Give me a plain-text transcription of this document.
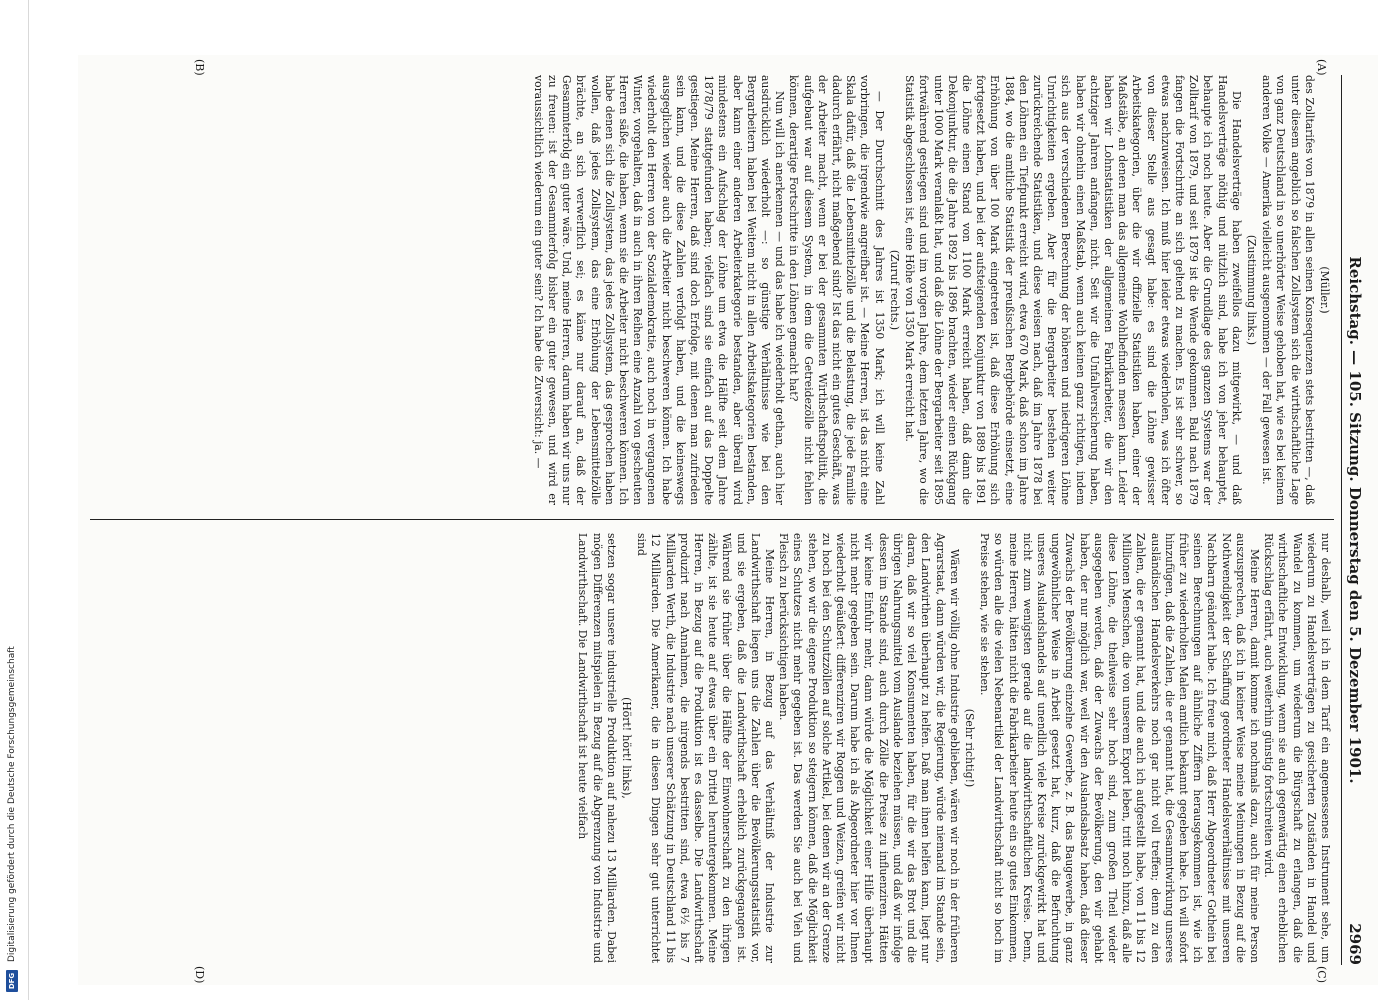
DFG
Digitalisierung gefördert durch die Deutsche Forschungsgemeinschaft
Reichstag. — 105. Sitzung. Donnerstag den 5. Dezember 1901.
2969
(A)
(B)
(C)
(D)
(Müller.)

des Zolltarifes von 1879 in allen seinen Konsequenzen stets bestritten —, daß unter diesem angeblich so falschen Zollsystem sich die wirthschaftliche Lage von ganz Deutschland in so unerhörter Weise gehoben hat, wie es bei keinem anderen Volke — Amerika vielleicht ausgenommen — der Fall gewesen ist.

(Zustimmung links.)

Die Handelsverträge haben zweifellos dazu mitgewirkt, — und daß Handelsverträge nöthig und nützlich sind, habe ich von jeher behauptet, behaupte ich noch heute. Aber die Grundlage des ganzen Systems war der Zolltarif von 1879, und seit 1879 ist die Wende gekommen. Bald nach 1879 fangen die Fortschritte an sich geltend zu machen. Es ist sehr schwer, so etwas nachzuweisen. Ich muß hier leider etwas wiederholen, was ich öfter von dieser Stelle aus gesagt habe: es sind die Löhne gewisser Arbeitskategorien, über die wir offizielle Statistiken haben, einer der Maßstäbe, an denen man das allgemeine Wohlbefinden messen kann. Leider haben wir Lohnstatistiken der allgemeinen Fabrikarbeiter, die wir den achtziger Jahren anfangen, nicht. Seit wir die Unfallversicherung haben, haben wir ohnehin einen Maßstab, wenn auch keinen ganz richtigen, indem sich aus der verschiedenen Berechnung der höheren und niedrigeren Löhne Unrichtigkeiten ergeben. Aber für die Bergarbeiter bestehen weiter zurückreichende Statistiken, und diese weisen nach, daß im Jahre 1878 bei den Löhnen ein Tiefpunkt erreicht wird, etwa 670 Mark, daß schon im Jahre 1884, wo die amtliche Statistik der preußischen Bergbehörde einsetzt, eine Erhöhung von über 100 Mark eingetreten ist, daß diese Erhöhung sich fortgesetzt haben, und bei der aufsteigenden Konjunktur von 1889 bis 1891 die Löhne einen Stand von 1100 Mark erreicht haben, daß dann die Dekonjunktur, die die Jahre 1892 bis 1896 brachten, wieder einen Rückgang unter 1000 Mark veranlaßt hat, und daß die Löhne der Bergarbeiter seit 1895 fortwährend gestiegen sind und im vorigen Jahre, dem letzten Jahre, wo die Statistik abgeschlossen ist, eine Höhe von 1350 Mark erreicht hat.

(Zuruf rechts.)

— Der Durchschnitt des Jahres ist 1350 Mark; ich will keine Zahl vorbringen, die irgendwie angreifbar ist. — Meine Herren, ist das nicht eine Skala dafür, daß die Lebensmittelzölle und die Belastung, die jede Familie dadurch erfährt, nicht maßgebend sind? Ist das nicht ein gutes Geschäft, was der Arbeiter macht, wenn er bei der gesammten Wirthschaftspolitik, die aufgebaut war auf diesem System, in dem die Getreidezölle nicht fehlen können, derartige Fortschritte in den Löhnen gemacht hat?

Nun will ich anerkennen — und das habe ich wiederholt gethan, auch hier ausdrücklich wiederholt —: so günstige Verhältnisse wie bei den Bergarbeitern haben bei Weitem nicht in allen Arbeitskategorien bestanden, aber kann einer anderen Arbeiterkategorie bestanden, aber überall wird mindestens ein Aufschlag der Löhne um etwa die Hälfte seit dem Jahre 1878/79 stattgefunden haben; vielfach sind sie einfach auf das Doppelte gestiegen. Meine Herren, daß sind doch Erfolge, mit denen man zufrieden sein kann, und die diese Zahlen verfolgt haben, und die keineswegs ausgeglichen wieder auch die Arbeiter nicht beschweren können. Ich habe wiederholt den Herren von der Sozialdemokratie, auch noch in vergangenen Winter, vorgehalten, daß in auch in ihren Reihen eine Anzahl von gescheuten Herren säße, die haben, wenn sie die Arbeiter nicht beschweren können. Ich habe denen sich die Zollsystem, das jedes Zollsystem, das gesprochen haben wollen, daß jedes Zollsystem, das eine Erhöhung der Lebensmittelzölle brächte, an sich verwerflich sei; es käme nur darauf an, daß der Gesammterfolg ein guter wäre. Und, meine Herren, darum haben wir uns nur zu freuen: ist der Gesammterfolg bisher ein guter gewesen, und wird er voraussichtlich wiederum ein guter sein? Ich habe die Zuversicht: ja. —

nur deshalb, weil ich in dem Tarif ein angemessenes Instrument sehe, um wiederum zu Handelsverträgen zu gesicherten Zuständen in Handel und Wandel zu kommen, um wiederum die Bürgschaft zu erlangen, daß die wirthschaftliche Entwicklung, wenn sie auch gegenwärtig einen erheblichen Rückschlag erfährt, auch weiterhin günstig fortschreiten wird.

Meine Herren, damit komme ich nochmals dazu, auch für meine Person auszusprechen, daß ich in keiner Weise meine Meinungen in Bezug auf die Nothwendigkeit der Schaffung geordneter Handelsverhältnisse mit unseren Nachbarn geändert habe. Ich freue mich, daß Herr Abgeordneter Gothein bei seinen Berechnungen auf ähnliche Ziffern herausgekommen ist, wie ich früher zu wiederholten Malen amtlich bekannt gegeben habe. Ich will sofort hinzufügen, daß die Zahlen, die er genannt hat, die Gesammtwirkung unseres ausländischen Handelsverkehrs noch gar nicht voll treffen; denn zu den Zahlen, die er genannt hat, und die auch ich aufgestellt habe, von 11 bis 12 Millionen Menschen, die von unserem Export leben, tritt noch hinzu, daß alle diese Löhne, die theilweise sehr hoch sind, zum großen Theil wieder ausgegeben werden, daß der Zuwachs der Bevölkerung, den wir gehabt haben, der nur möglich war, weil wir den Auslandsabsatz haben, daß dieser Zuwachs der Bevölkerung einzelne Gewerbe, z. B. das Baugewerbe, in ganz ungewöhnlicher Weise in Arbeit gesetzt hat, kurz, daß die Befruchtung unseres Auslandshandels auf unendlich viele Kreise zurückgewirkt hat und nicht zum wenigsten gerade auf die landwirthschaftlichen Kreise. Denn, meine Herren, hätten nicht die Fabrikarbeiter heute ein so gutes Einkommen, so würden alle die vielen Nebenartikel der Landwirthschaft nicht so hoch im Preise stehen, wie sie stehen.

(Sehr richtig!)

Wären wir völlig ohne Industrie geblieben, wären wir noch in der früheren Agrarstaat, dann würden wir, die Regierung, würde niemand im Stande sein, den Landwirthen überhaupt zu helfen. Daß man ihnen helfen kann, liegt nur daran, daß wir so viel Konsumenten haben, für die wir das Brot und die übrigen Nahrungsmittel vom Auslande beziehen müssen, und daß wir infolge dessen im Stande sind, auch durch Zölle die Preise zu influenziren. Hätten wir keine Einfuhr mehr, dann würde die Möglichkeit einer Hilfe überhaupt nicht mehr gegeben sein. Darum habe ich als Abgeordneter hier vor Ihnen wiederholt geäußert: differenziren wir Roggen und Weizen, greifen wir nicht zu hoch bei den Schutzzöllen auf solche Artikel, bei denen wir an der Grenze stehen, wo wir die eigene Produktion so steigern können, daß die Möglichkeit eines Schutzes nicht mehr gegeben ist. Das werden Sie auch bei Vieh und Fleisch zu berücksichtigen haben.

Meine Herren, in Bezug auf das Verhältniß der Industrie zur Landwirthschaft liegen uns die Zahlen über die Bevölkerungsstatistik vor, und sie ergeben, daß die Landwirthschaft erheblich zurückgegangen ist. Während sie früher über die Hälfte der Einwohnerschaft zu den ihrigen zählte, ist sie heute auf etwas über ein Drittel heruntergekommen. Meine Herren, in Bezug auf die Produktion ist es dasselbe. Die Landwirthschaft produzirt nach Annahmen, die nirgends bestritten sind, etwa 6½ bis 7 Milliarden Werth, die Industrie nach unserer Schätzung in Deutschland 11 bis 12 Milliarden. Die Amerikaner, die in diesen Dingen sehr gut unterrichtet sind

(Hört! hört! links),

setzen sogar unsere industrielle Produktion auf nahezu 13 Milliarden. Dabei mögen Differenzen mitspielen in Bezug auf die Abgrenzung von Industrie und Landwirthschaft. Die Landwirthschaft ist heute vielfach
